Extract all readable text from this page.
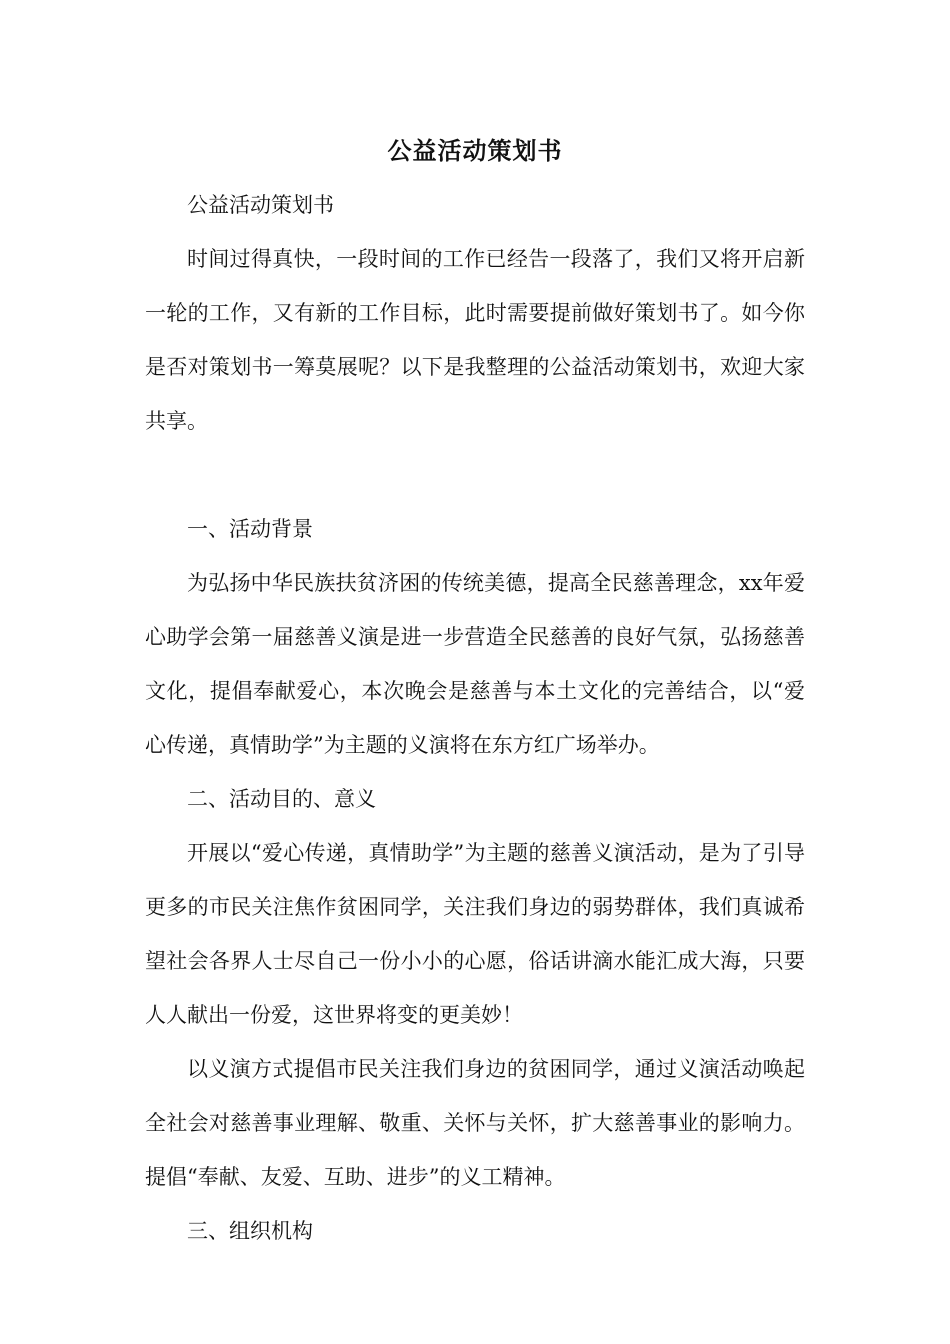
公益活动策划书

公益活动策划书

时间过得真快，一段时间的工作已经告一段落了，我们又将开启新一轮的工作，又有新的工作目标，此时需要提前做好策划书了。如今你是否对策划书一筹莫展呢？以下是我整理的公益活动策划书，欢迎大家共享。

一、活动背景

为弘扬中华民族扶贫济困的传统美德，提高全民慈善理念，xx年爱心助学会第一届慈善义演是进一步营造全民慈善的良好气氛，弘扬慈善文化，提倡奉献爱心，本次晚会是慈善与本土文化的完善结合，以“爱心传递，真情助学”为主题的义演将在东方红广场举办。

二、活动目的、意义

开展以“爱心传递，真情助学”为主题的慈善义演活动，是为了引导更多的市民关注焦作贫困同学，关注我们身边的弱势群体，我们真诚希望社会各界人士尽自己一份小小的心愿，俗话讲滴水能汇成大海，只要人人献出一份爱，这世界将变的更美妙！

以义演方式提倡市民关注我们身边的贫困同学，通过义演活动唤起全社会对慈善事业理解、敬重、关怀与关怀，扩大慈善事业的影响力。提倡“奉献、友爱、互助、进步”的义工精神。

三、组织机构
